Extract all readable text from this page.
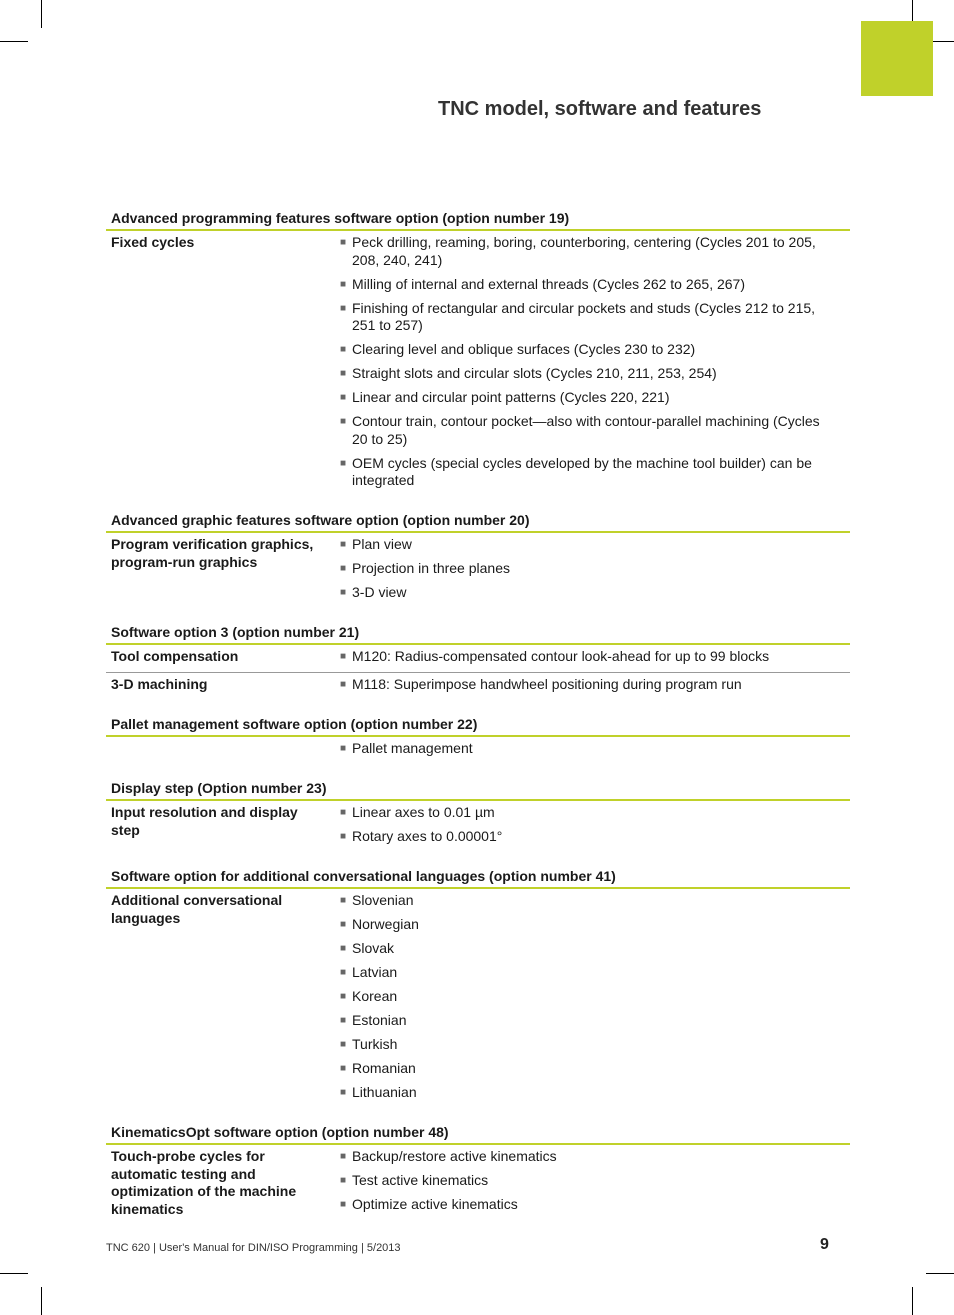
TNC model, software and features
Advanced programming features software option (option number 19)
Fixed cycles	■ Peck drilling, reaming, boring, counterboring, centering (Cycles 201 to 205, 208, 240, 241)
■ Milling of internal and external threads (Cycles 262 to 265, 267)
■ Finishing of rectangular and circular pockets and studs (Cycles 212 to 215, 251 to 257)
■ Clearing level and oblique surfaces (Cycles 230 to 232)
■ Straight slots and circular slots (Cycles 210, 211, 253, 254)
■ Linear and circular point patterns (Cycles 220, 221)
■ Contour train, contour pocket—also with contour-parallel machining (Cycles 20 to 25)
■ OEM cycles (special cycles developed by the machine tool builder) can be integrated
Advanced graphic features software option (option number 20)
Program verification graphics, program-run graphics
■ Plan view
■ Projection in three planes
■ 3-D view
Software option 3 (option number 21)
Tool compensation	■ M120: Radius-compensated contour look-ahead for up to 99 blocks
3-D machining	■ M118: Superimpose handwheel positioning during program run
Pallet management software option (option number 22)
■ Pallet management
Display step (Option number 23)
Input resolution and display step
■ Linear axes to 0.01 µm
■ Rotary axes to 0.00001°
Software option for additional conversational languages (option number 41)
Additional conversational languages
■ Slovenian
■ Norwegian
■ Slovak
■ Latvian
■ Korean
■ Estonian
■ Turkish
■ Romanian
■ Lithuanian
KinematicsOpt software option (option number 48)
Touch-probe cycles for automatic testing and optimization of the machine kinematics
■ Backup/restore active kinematics
■ Test active kinematics
■ Optimize active kinematics
TNC 620 | User's Manual for DIN/ISO Programming | 5/2013	9
